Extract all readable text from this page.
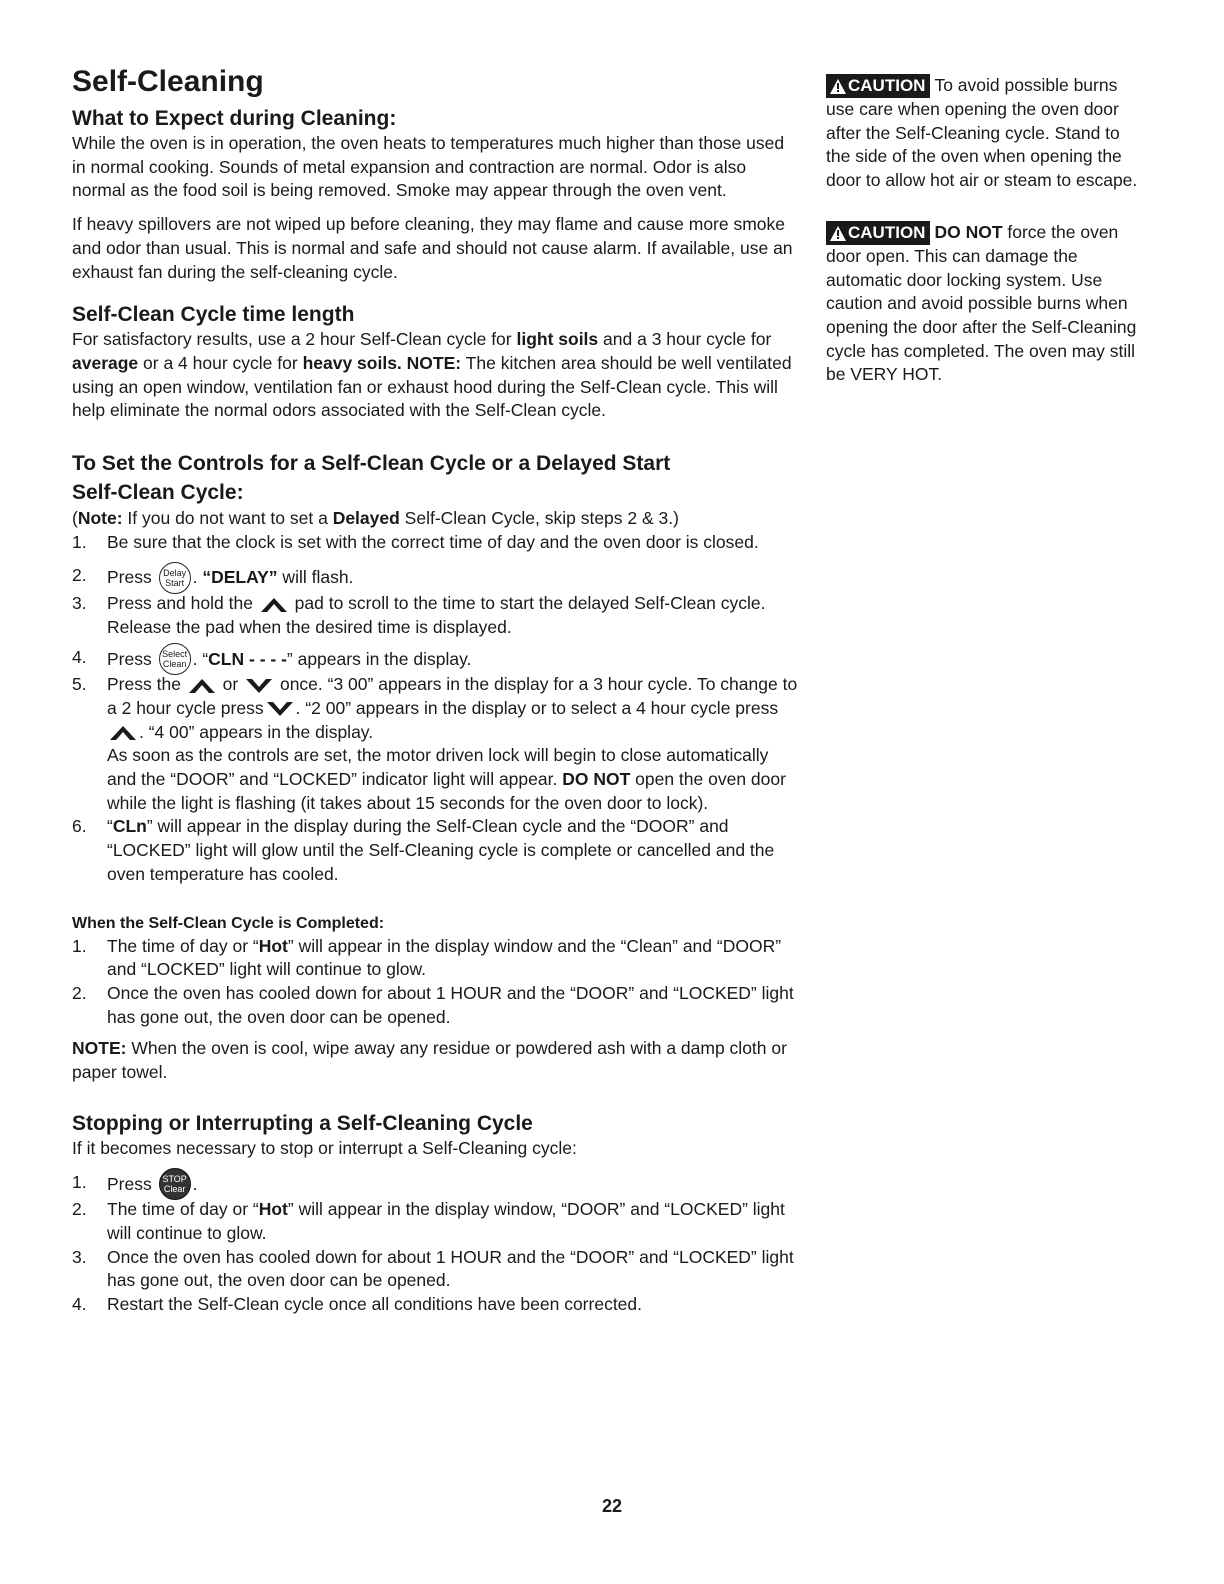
Self-Cleaning
What to Expect during Cleaning:

While the oven is in operation, the oven heats to temperatures much higher than those used in normal cooking. Sounds of metal expansion and contraction are normal. Odor is also normal as the food soil is being removed. Smoke may appear through the oven vent.

If heavy spillovers are not wiped up before cleaning, they may flame and cause more smoke and odor than usual. This is normal and safe and should not cause alarm. If available, use an exhaust fan during the self-cleaning cycle.

Self-Clean Cycle time length

For satisfactory results, use a 2 hour Self-Clean cycle for light soils and a 3 hour cycle for average or a 4 hour cycle for heavy soils. NOTE: The kitchen area should be well ventilated using an open window, ventilation fan or exhaust hood during the Self-Clean cycle. This will help eliminate the normal odors associated with the Self-Clean cycle.

To Set the Controls for a Self-Clean Cycle or a Delayed Start
Self-Clean Cycle:

(Note: If you do not want to set a Delayed Self-Clean Cycle, skip steps 2 & 3.)

1. Be sure that the clock is set with the correct time of day and the oven door is closed.
2. Press Delay
Start . “DELAY” will flash.
3. Press and hold the  pad to scroll to the time to start the delayed Self-Clean cycle. Release the pad when the desired time is displayed.
4. Press Select
Clean . “CLN - - - -” appears in the display.
5. Press the  or  once. “3 00” appears in the display for a 3 hour cycle. To change to a 2 hour cycle press . “2 00” appears in the display or to select a 4 hour cycle press . “4 00” appears in the display.
As soon as the controls are set, the motor driven lock will begin to close automatically and the “DOOR” and “LOCKED” indicator light will appear. DO NOT open the oven door while the light is flashing (it takes about 15 seconds for the oven door to lock).
6. “CLn” will appear in the display during the Self-Clean cycle and the “DOOR” and “LOCKED” light will glow until the Self-Cleaning cycle is complete or cancelled and the oven temperature has cooled.
When the Self-Clean Cycle is Completed:
1. The time of day or “Hot” will appear in the display window and the “Clean” and “DOOR” and “LOCKED” light will continue to glow.
2. Once the oven has cooled down for about 1 HOUR and the “DOOR” and “LOCKED” light has gone out, the oven door can be opened.

NOTE: When the oven is cool, wipe away any residue or powdered ash with a damp cloth or paper towel.

Stopping or Interrupting a Self-Cleaning Cycle

If it becomes necessary to stop or interrupt a Self-Cleaning cycle:

1. Press STOP
Clear .
2. The time of day or “Hot” will appear in the display window, “DOOR” and “LOCKED” light will continue to glow.
3. Once the oven has cooled down for about 1 HOUR and the “DOOR” and “LOCKED” light has gone out, the oven door can be opened.
4. Restart the Self-Clean cycle once all conditions have been corrected.

CAUTION To avoid possible burns use care when opening the oven door after the Self-Cleaning cycle. Stand to the side of the oven when opening the door to allow hot air or steam to escape.

CAUTION DO NOT force the oven door open. This can damage the automatic door locking system. Use caution and avoid possible burns when opening the door after the Self-Cleaning cycle has completed. The oven may still be VERY HOT.

22
